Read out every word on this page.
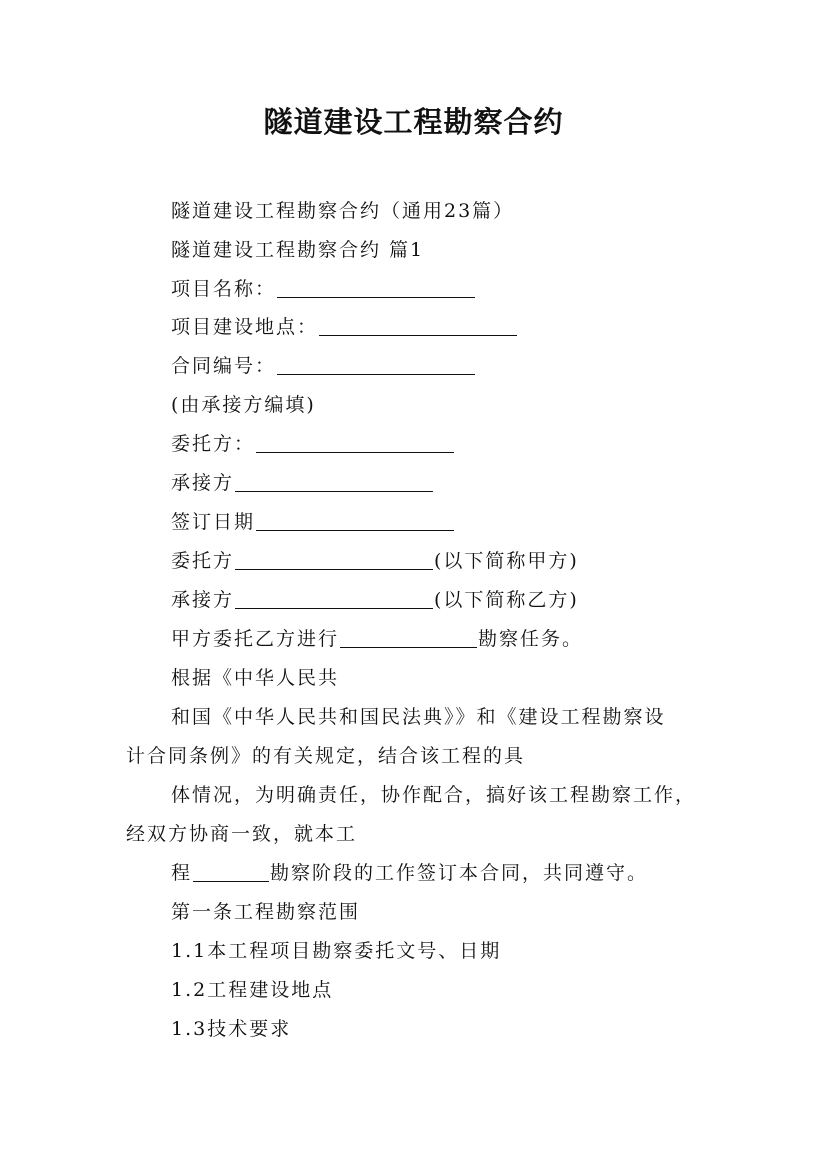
隧道建设工程勘察合约
隧道建设工程勘察合约（通用23篇）
隧道建设工程勘察合约 篇1
项目名称：
项目建设地点：
合同编号：
(由承接方编填)
委托方：
承接方
签订日期
委托方	(以下简称甲方)
承接方	(以下简称乙方)
甲方委托乙方进行	勘察任务。
根据《中华人民共
和国《中华人民共和国民法典》》和《建设工程勘察设
计合同条例》的有关规定，结合该工程的具
体情况，为明确责任，协作配合，搞好该工程勘察工作，
经双方协商一致，就本工
程	勘察阶段的工作签订本合同，共同遵守。
第一条工程勘察范围
1.1本工程项目勘察委托文号、日期
1.2工程建设地点
1.3技术要求
